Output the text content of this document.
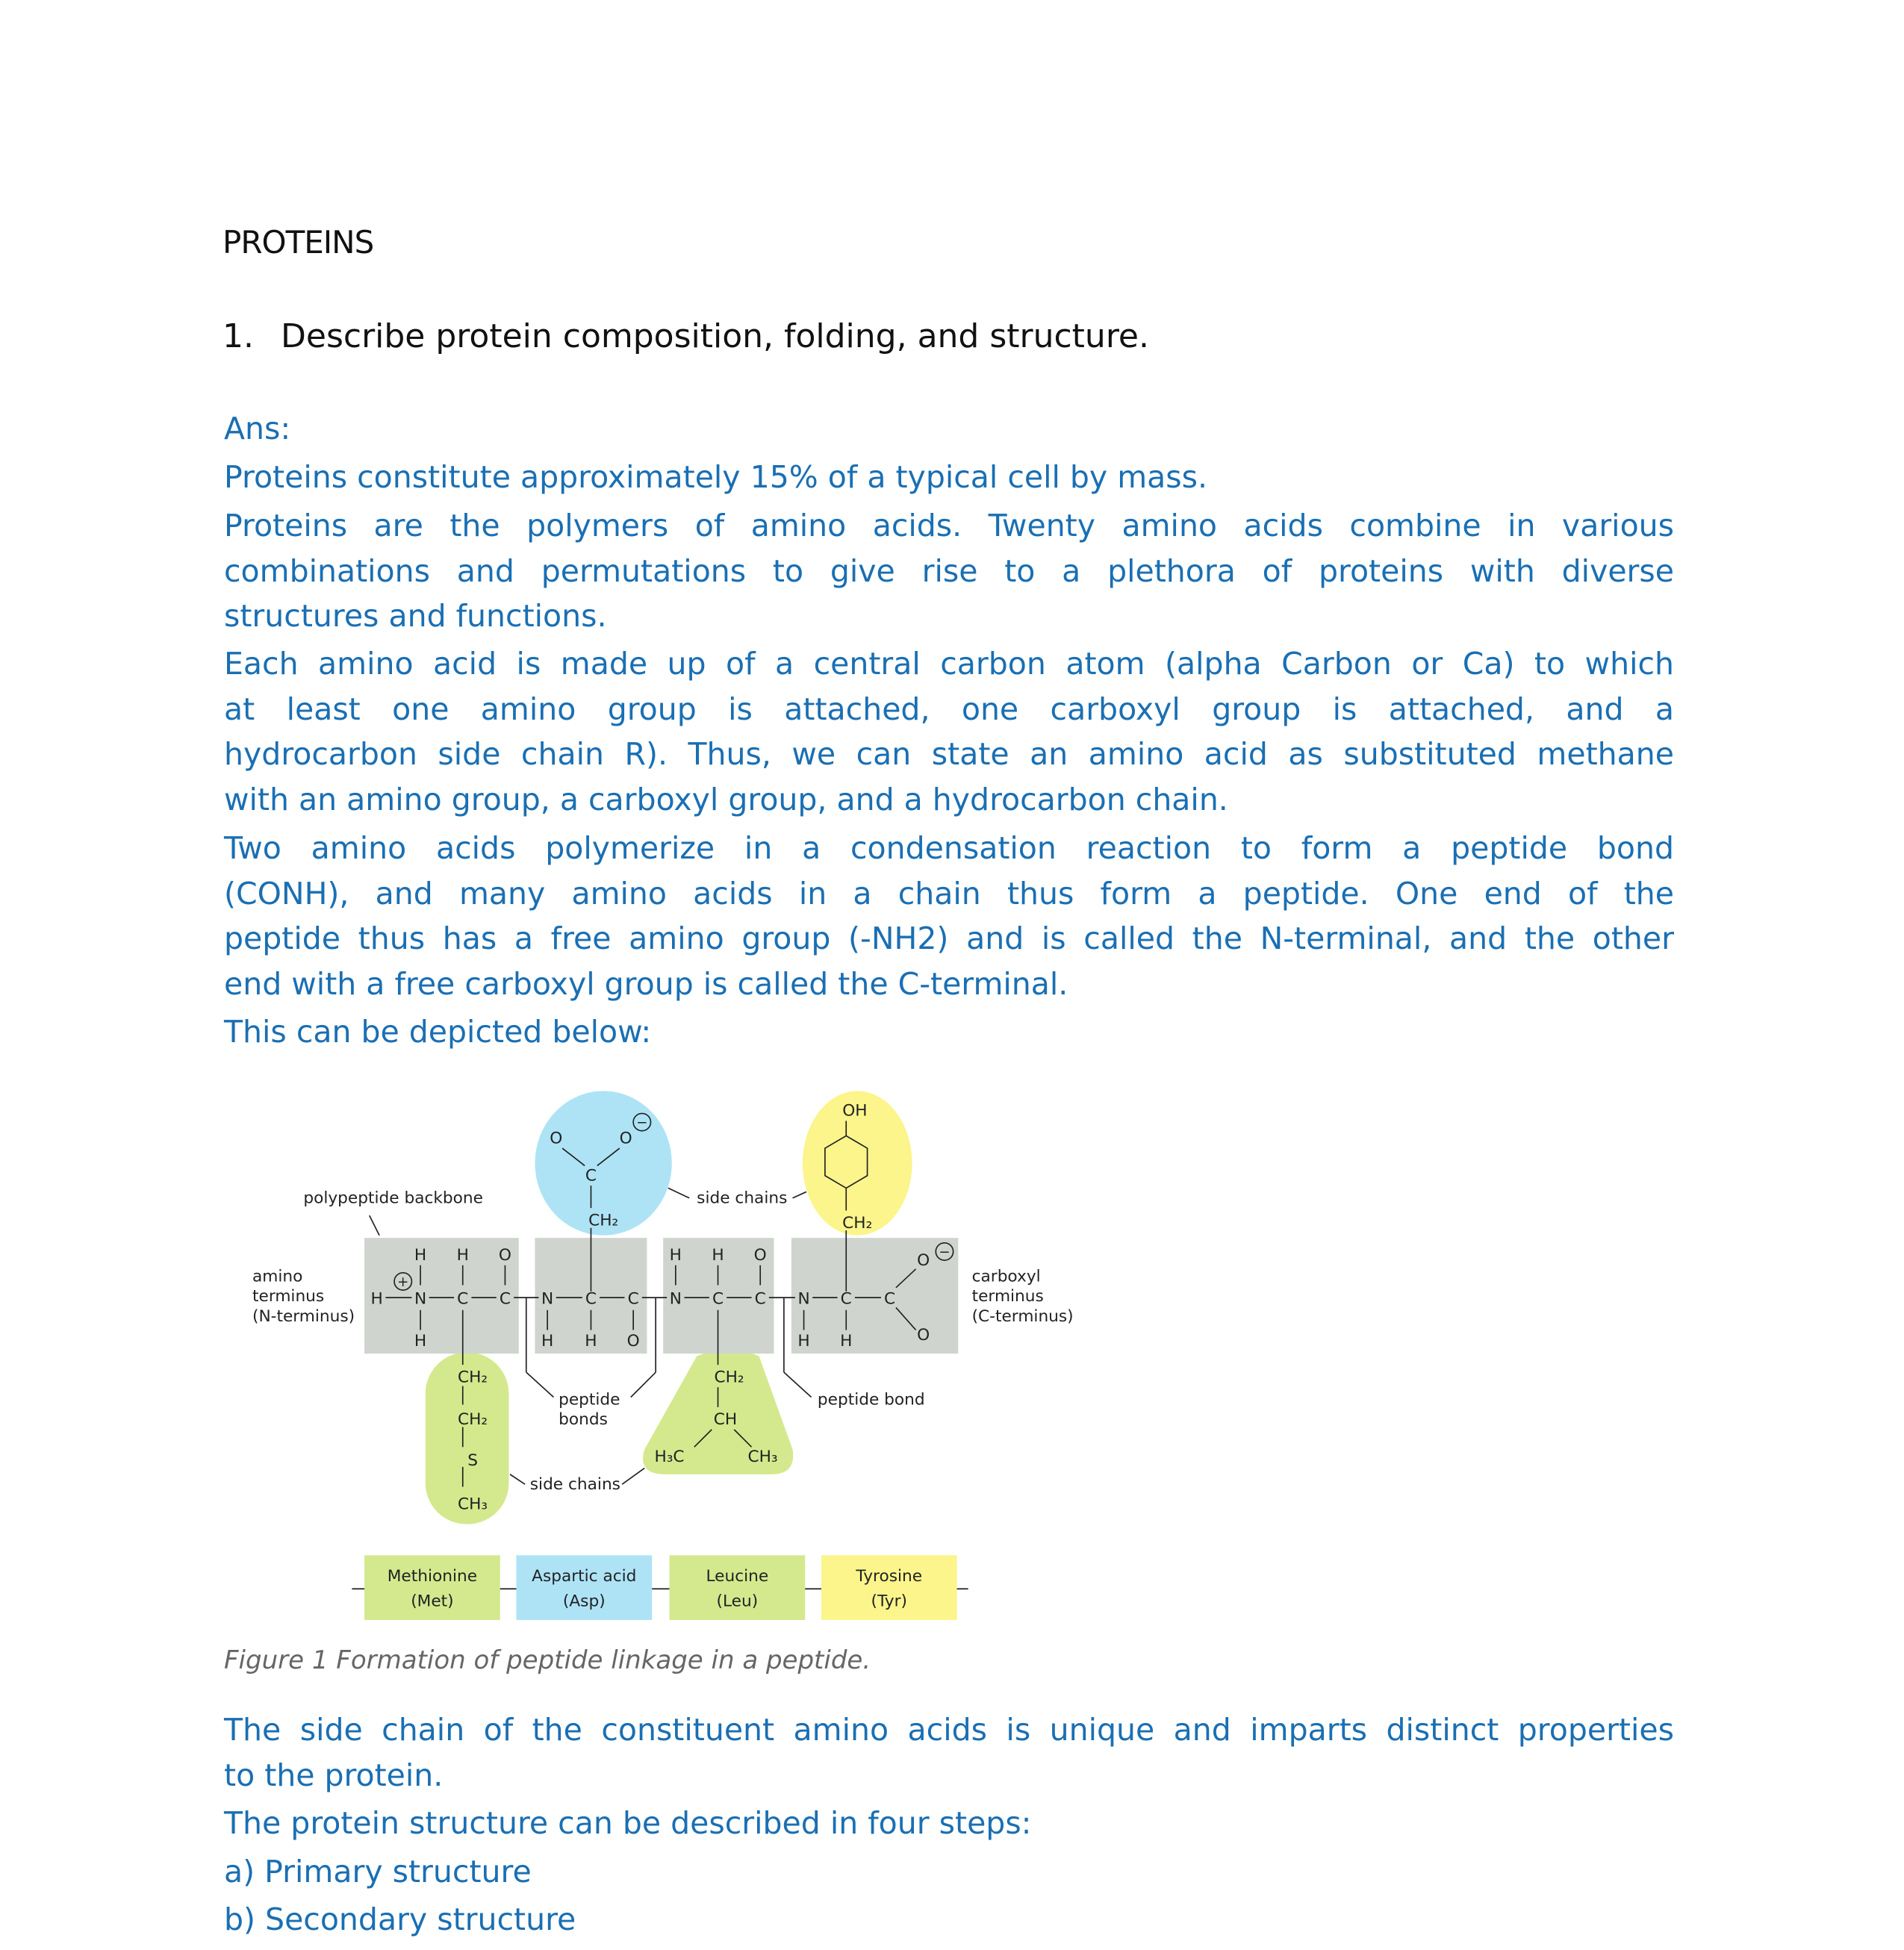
PROTEINS
1. Describe protein composition, folding, and structure.
Ans:
Proteins constitute approximately 15% of a typical cell by mass.
Proteins are the polymers of amino acids. Twenty amino acids combine in various
combinations and permutations to give rise to a plethora of proteins with diverse
structures and functions.
Each amino acid is made up of a central carbon atom (alpha Carbon or Ca) to which
at least one amino group is attached, one carboxyl group is attached, and a
hydrocarbon side chain R). Thus, we can state an amino acid as substituted methane
with an amino group, a carboxyl group, and a hydrocarbon chain.
Two amino acids polymerize in a condensation reaction to form a peptide bond
(CONH), and many amino acids in a chain thus form a peptide. One end of the
peptide thus has a free amino group (-NH2) and is called the N-terminal, and the other
end with a free carboxyl group is called the C-terminal.
This can be depicted below:
Methionine
(Met)
Aspartic acid
(Asp)
Leucine
(Leu)
Tyrosine
(Tyr)
H	N	C	C	N	C	C	N	C	C	N	C	C
H	H	O	H	H	O
H	H	H	O	H	H
O
O
+
−
−
O	O
C
CH₂
OH
CH₂
CH₂
CH₂
S
CH₃
CH₂
CH
H₃C	CH₃
polypeptide backbone
amino
terminus
(N-terminus)
carboxyl
terminus
(C-terminus)
side chains
peptide
bonds
peptide bond
side chains
Figure 1 Formation of peptide linkage in a peptide.
The side chain of the constituent amino acids is unique and imparts distinct properties
to the protein.
The protein structure can be described in four steps:
a) Primary structure
b) Secondary structure
